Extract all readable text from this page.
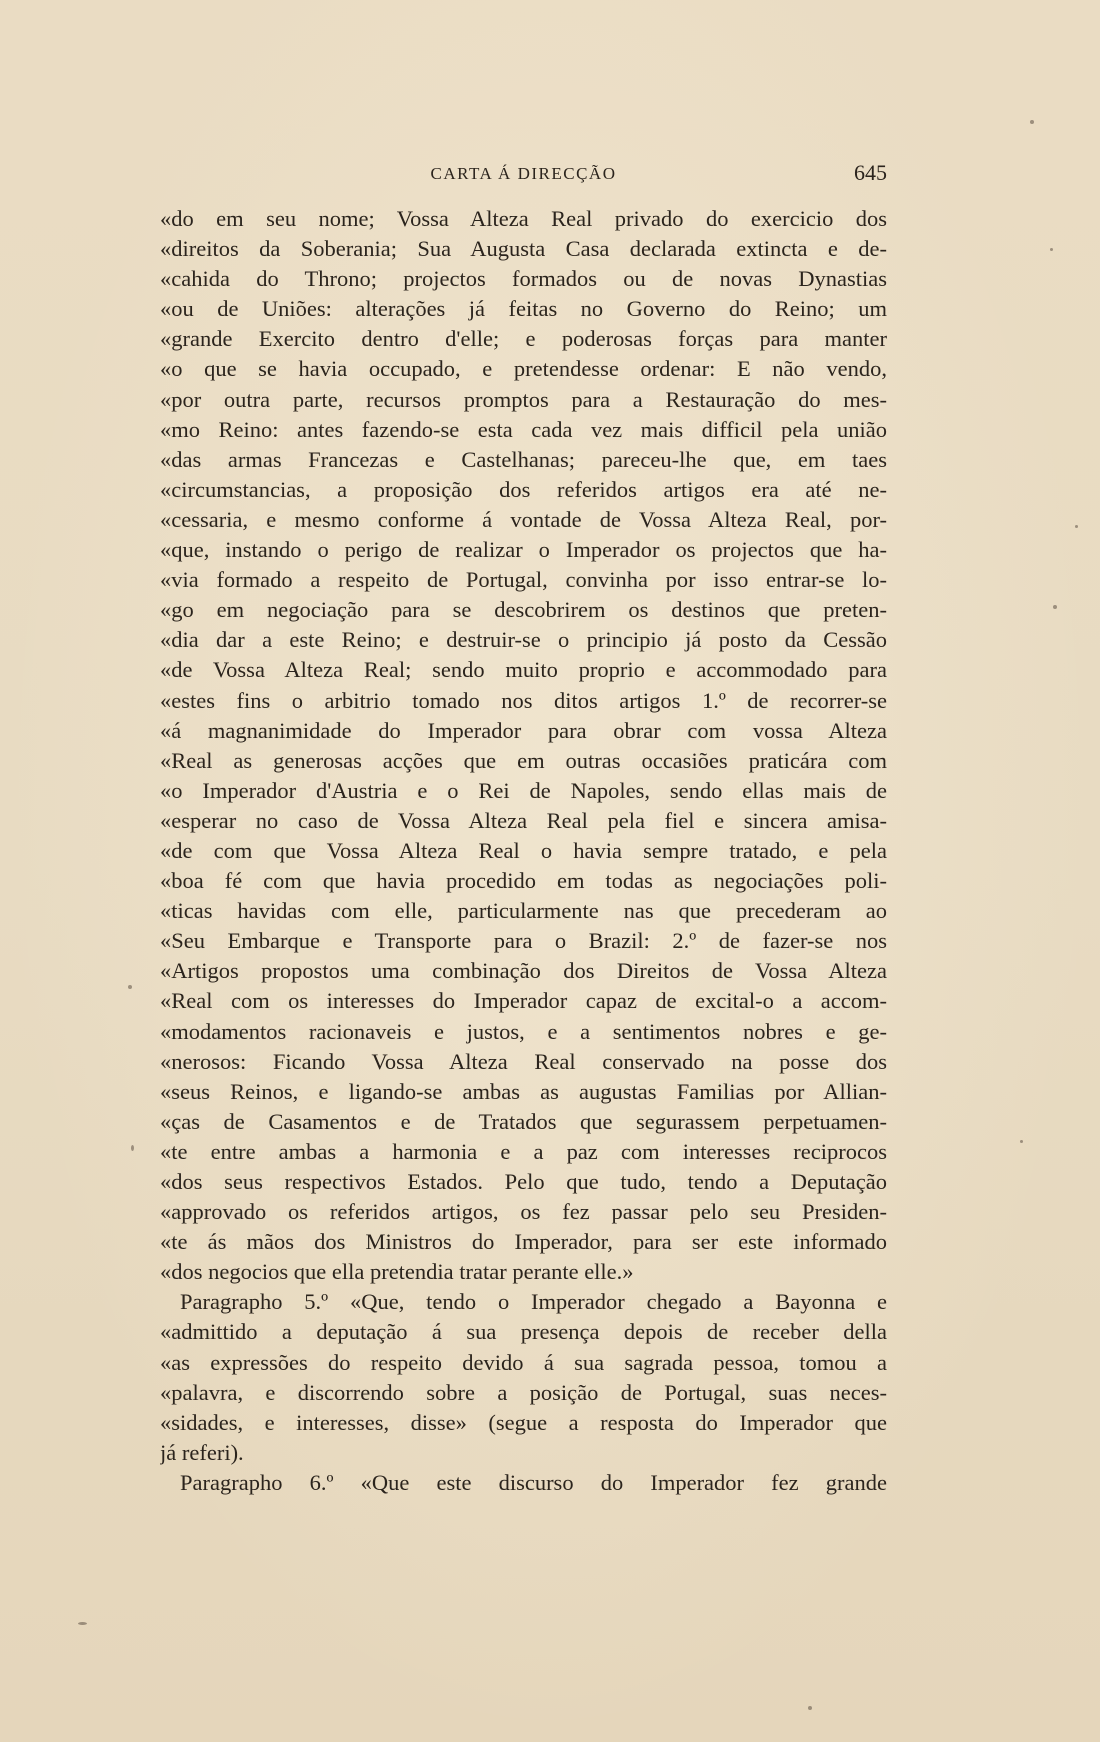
CARTA Á DIRECÇÃO	645
«do em seu nome; Vossa Alteza Real privado do exercicio dos
«direitos da Soberania; Sua Augusta Casa declarada extincta e de-
«cahida do Throno; projectos formados ou de novas Dynastias
«ou de Uniões: alterações já feitas no Governo do Reino; um
«grande Exercito dentro d'elle; e poderosas forças para manter
«o que se havia occupado, e pretendesse ordenar: E não vendo,
«por outra parte, recursos promptos para a Restauração do mes-
«mo Reino: antes fazendo-se esta cada vez mais difficil pela união
«das armas Francezas e Castelhanas; pareceu-lhe que, em taes
«circumstancias, a proposição dos referidos artigos era até ne-
«cessaria, e mesmo conforme á vontade de Vossa Alteza Real, por-
«que, instando o perigo de realizar o Imperador os projectos que ha-
«via formado a respeito de Portugal, convinha por isso entrar-se lo-
«go em negociação para se descobrirem os destinos que preten-
«dia dar a este Reino; e destruir-se o principio já posto da Cessão
«de Vossa Alteza Real; sendo muito proprio e accommodado para
«estes fins o arbitrio tomado nos ditos artigos 1.º de recorrer-se
«á magnanimidade do Imperador para obrar com vossa Alteza
«Real as generosas acções que em outras occasiões praticára com
«o Imperador d'Austria e o Rei de Napoles, sendo ellas mais de
«esperar no caso de Vossa Alteza Real pela fiel e sincera amisa-
«de com que Vossa Alteza Real o havia sempre tratado, e pela
«boa fé com que havia procedido em todas as negociações poli-
«ticas havidas com elle, particularmente nas que precederam ao
«Seu Embarque e Transporte para o Brazil: 2.º de fazer-se nos
«Artigos propostos uma combinação dos Direitos de Vossa Alteza
«Real com os interesses do Imperador capaz de excital-o a accom-
«modamentos racionaveis e justos, e a sentimentos nobres e ge-
«nerosos: Ficando Vossa Alteza Real conservado na posse dos
«seus Reinos, e ligando-se ambas as augustas Familias por Allian-
«ças de Casamentos e de Tratados que segurassem perpetuamen-
«te entre ambas a harmonia e a paz com interesses reciprocos
«dos seus respectivos Estados. Pelo que tudo, tendo a Deputação
«approvado os referidos artigos, os fez passar pelo seu Presiden-
«te ás mãos dos Ministros do Imperador, para ser este informado
«dos negocios que ella pretendia tratar perante elle.»
Paragrapho 5.º «Que, tendo o Imperador chegado a Bayonna e
«admittido a deputação á sua presença depois de receber della
«as expressões do respeito devido á sua sagrada pessoa, tomou a
«palavra, e discorrendo sobre a posição de Portugal, suas neces-
«sidades, e interesses, disse» (segue a resposta do Imperador que
já referi).
Paragrapho 6.º «Que este discurso do Imperador fez grande
